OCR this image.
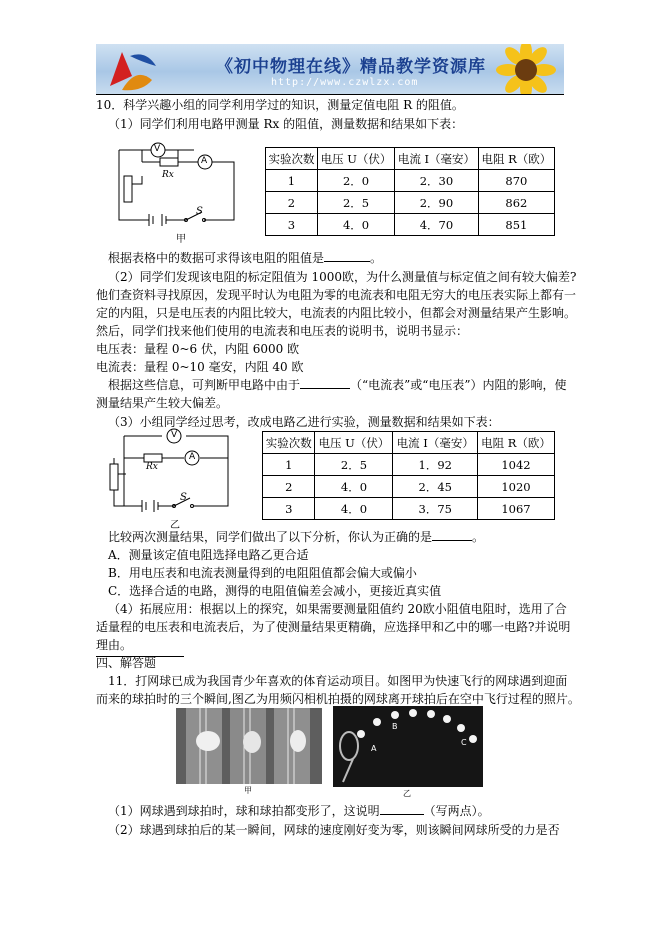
《初中物理在线》精品教学资源库
http://www.czwlzx.com
10．科学兴趣小组的同学利用学过的知识，测量定值电阻 R 的阻值。
（1）同学们利用电路甲测量 Rx 的阻值，测量数据和结果如下表：
V
A
Rx
S
甲
实验次数	电压 U（伏）	电流 I（毫安）	电阻 R（欧）
1	2．0	2．30	870
2	2．5	2．90	862
3	4．0	4．70	851
根据表格中的数据可求得该电阻的阻值是	。
（2）同学们发现该电阻的标定阻值为 1000欧，为什么测量值与标定值之间有较大偏差?
他们查资料寻找原因，发现平时认为电阻为零的电流表和电阻无穷大的电压表实际上都有一
定的内阻，只是电压表的内阻比较大，电流表的内阻比较小，但都会对测量结果产生影响。
然后，同学们找来他们使用的电流表和电压表的说明书，说明书显示：
电压表：量程 0~6 伏，内阻 6000 欧
电流表：量程 0~10 毫安，内阻 40 欧
根据这些信息，可判断甲电路中由于	（“电流表”或“电压表”）内阻的影响，使
测量结果产生较大偏差。
（3）小组同学经过思考，改成电路乙进行实验，测量数据和结果如下表：
V
A
Rx
S
乙
实验次数	电压 U（伏）	电流 I（毫安）	电阻 R（欧）
1	2．5	1．92	1042
2	4．0	2．45	1020
3	4．0	3．75	1067
比较两次测量结果，同学们做出了以下分析，你认为正确的是	。
A．测量该定值电阻选择电路乙更合适
B．用电压表和电流表测量得到的电阻阻值都会偏大或偏小
C．选择合适的电路，测得的电阻值偏差会减小，更接近真实值
（4）拓展应用：根据以上的探究，如果需要测量阻值约 20欧小阻值电阻时，选用了合
适量程的电压表和电流表后，为了使测量结果更精确，应选择甲和乙中的哪一电路?并说明
理由。
四、解答题
11．打网球已成为我国青少年喜欢的体育运动项目。如图甲为快速飞行的网球遇到迎面
而来的球拍时的三个瞬间,图乙为用频闪相机拍摄的网球离开球拍后在空中飞行过程的照片。
甲
A
B
C
乙
（1）网球遇到球拍时，球和球拍都变形了，这说明	（写两点）。
（2）球遇到球拍后的某一瞬间，网球的速度刚好变为零，则该瞬间网球所受的力是否
